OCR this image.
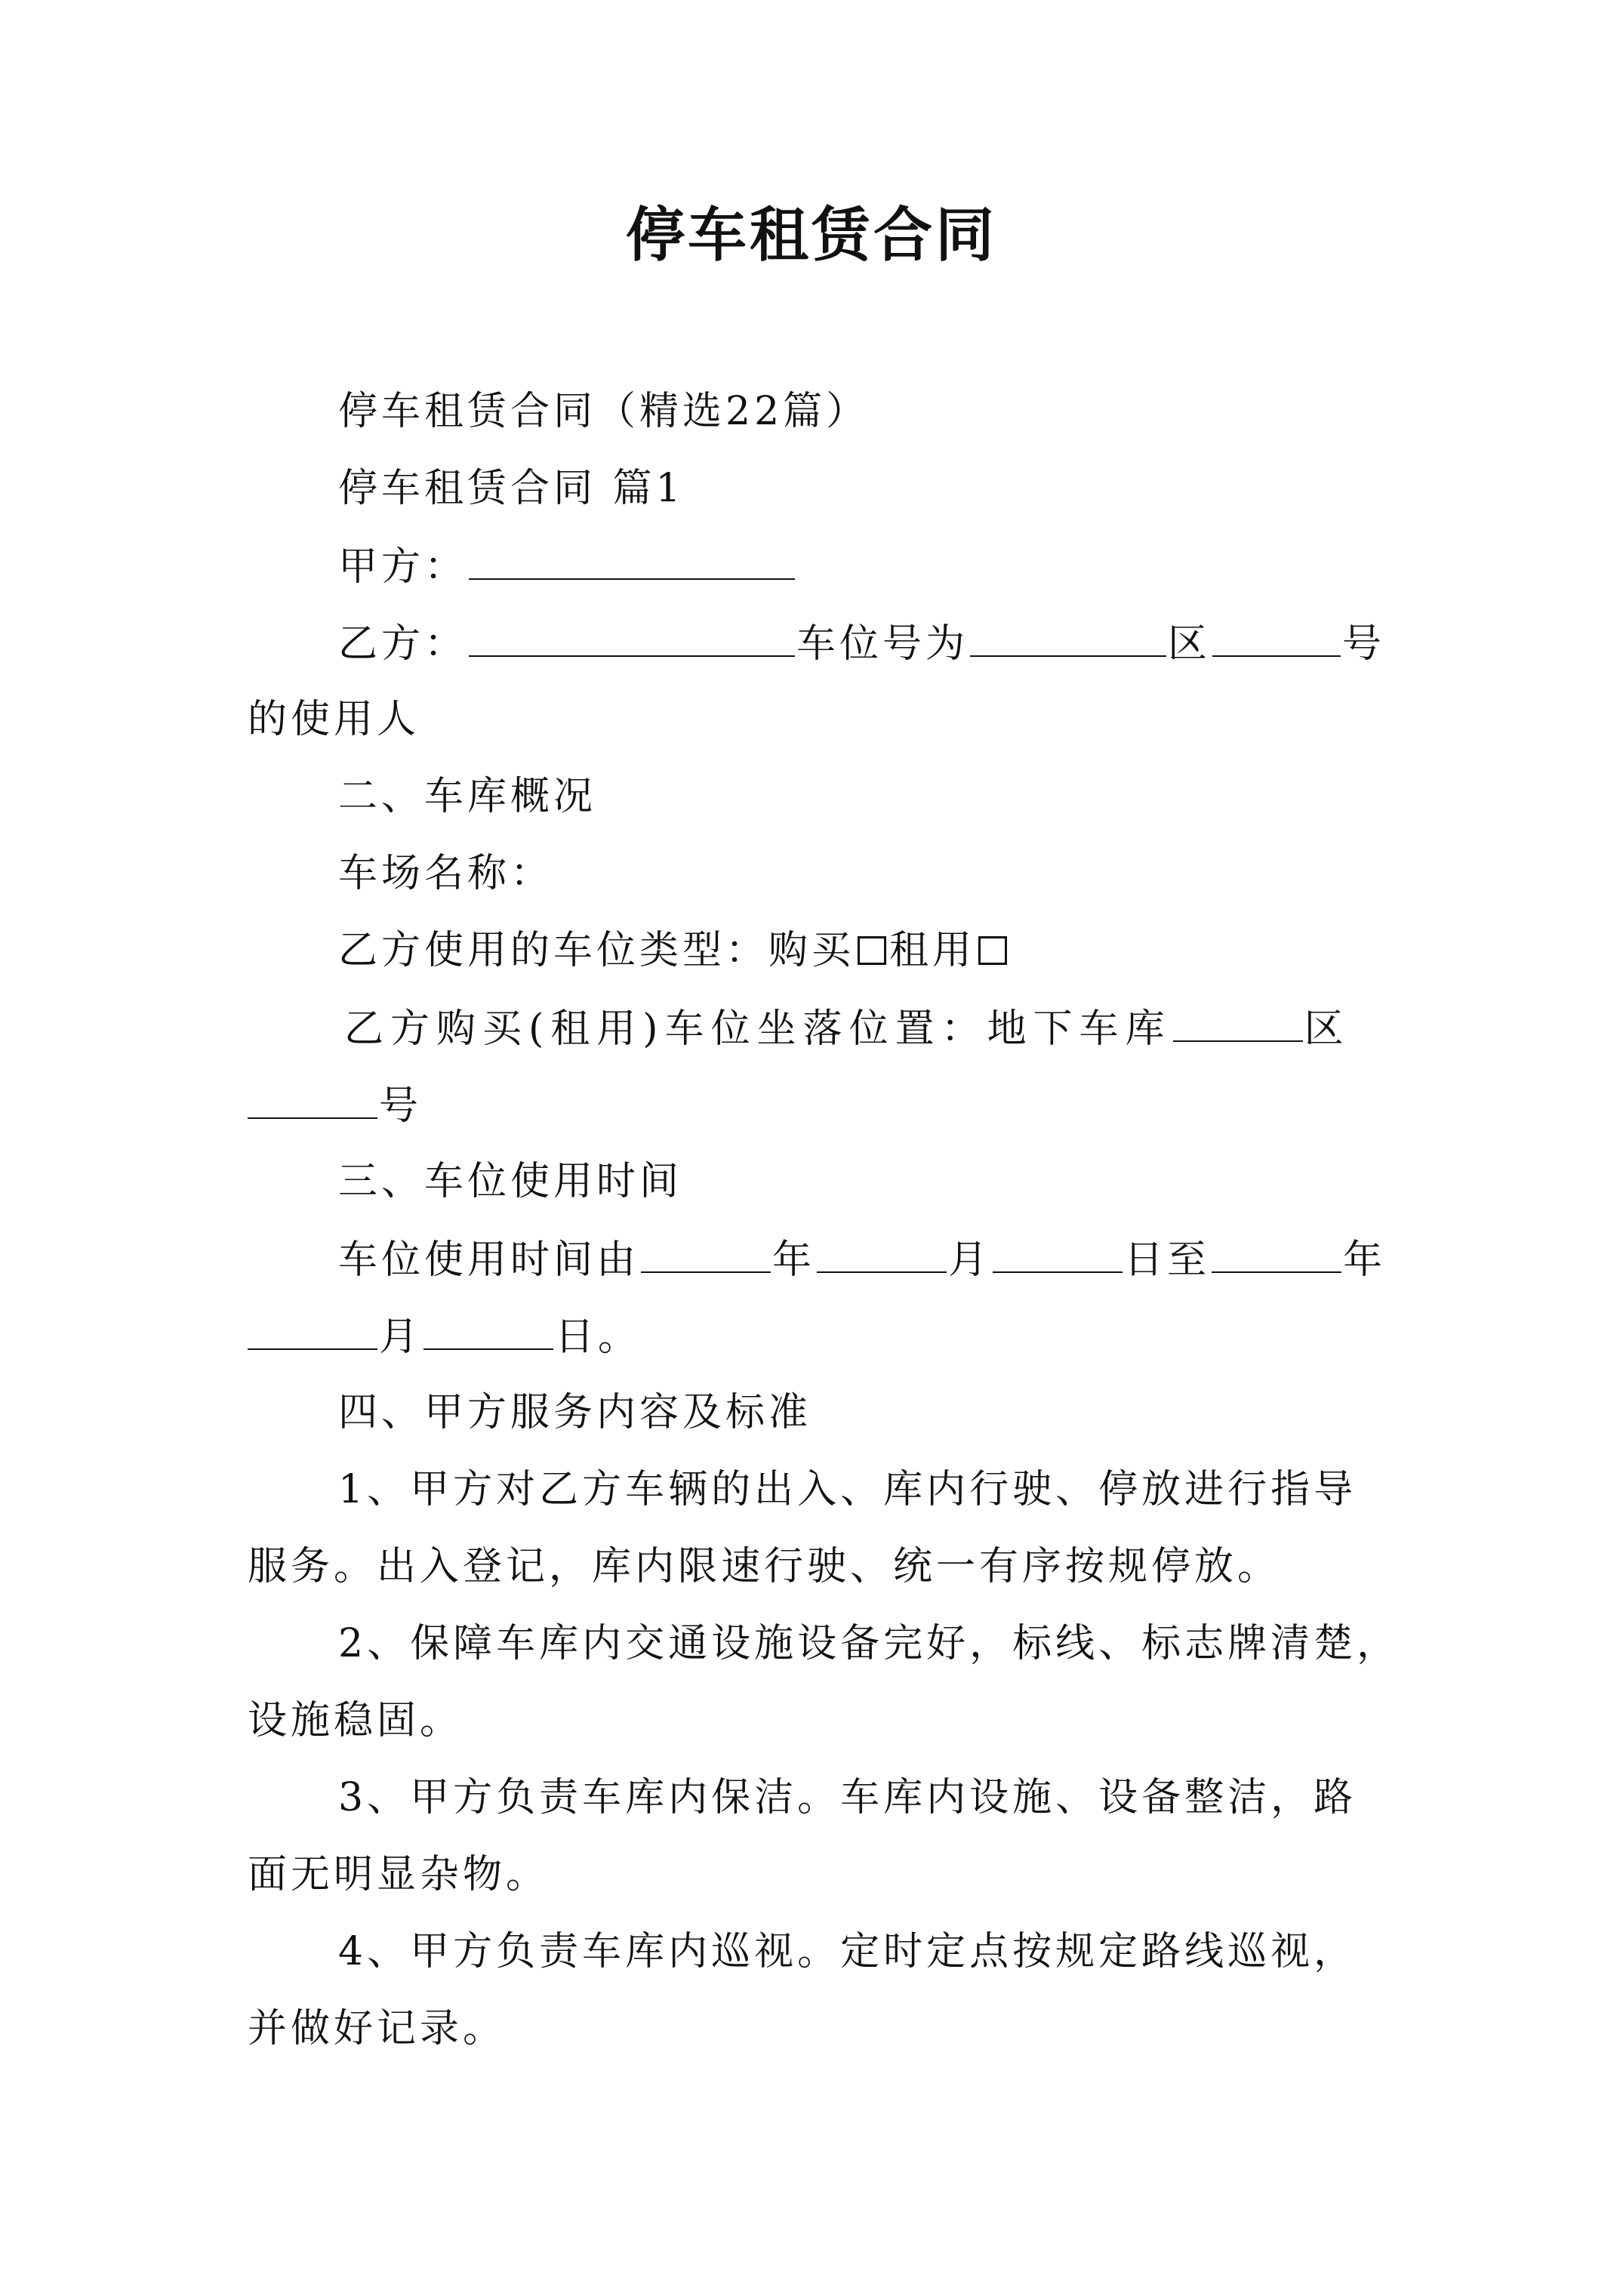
停车租赁合同
停车租赁合同（精选22篇）
停车租赁合同 篇1
甲方：
乙方：	车位号为	区	号
的使用人
二、车库概况
车场名称：
乙方使用的车位类型：购买 租用
乙方购买(租用)车位坐落位置：地下车库	区
号
三、车位使用时间
车位使用时间由	年	月	日至	年
月	日。
四、甲方服务内容及标准
1、甲方对乙方车辆的出入、库内行驶、停放进行指导
服务。出入登记，库内限速行驶、统一有序按规停放。
2、保障车库内交通设施设备完好，标线、标志牌清楚，
设施稳固。
3、甲方负责车库内保洁。车库内设施、设备整洁，路
面无明显杂物。
4、甲方负责车库内巡视。定时定点按规定路线巡视，
并做好记录。
